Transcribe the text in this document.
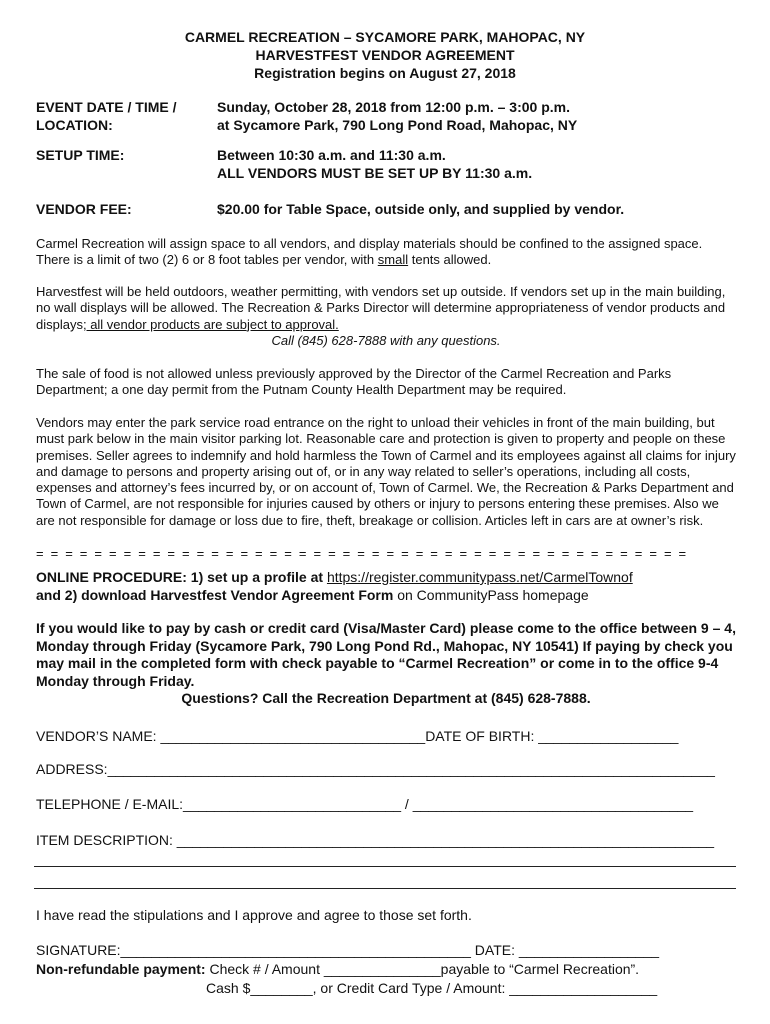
CARMEL RECREATION – SYCAMORE PARK, MAHOPAC, NY
HARVESTFEST VENDOR AGREEMENT
Registration begins on August 27, 2018
EVENT DATE / TIME /
LOCATION:
Sunday, October 28, 2018 from 12:00 p.m. – 3:00 p.m.
at Sycamore Park, 790 Long Pond Road, Mahopac, NY
SETUP TIME:	Between 10:30 a.m. and 11:30 a.m.
ALL VENDORS MUST BE SET UP BY 11:30 a.m.
VENDOR FEE:	$20.00 for Table Space, outside only, and supplied by vendor.
Carmel Recreation will assign space to all vendors, and display materials should be confined to the assigned space. There is a limit of two (2) 6 or 8 foot tables per vendor, with small tents allowed.
Harvestfest will be held outdoors, weather permitting, with vendors set up outside. If vendors set up in the main building, no wall displays will be allowed. The Recreation & Parks Director will determine appropriateness of vendor products and displays; all vendor products are subject to approval.
Call (845) 628-7888 with any questions.
The sale of food is not allowed unless previously approved by the Director of the Carmel Recreation and Parks Department; a one day permit from the Putnam County Health Department may be required.
Vendors may enter the park service road entrance on the right to unload their vehicles in front of the main building, but must park below in the main visitor parking lot. Reasonable care and protection is given to property and people on these premises. Seller agrees to indemnify and hold harmless the Town of Carmel and its employees against all claims for injury and damage to persons and property arising out of, or in any way related to seller’s operations, including all costs, expenses and attorney’s fees incurred by, or on account of, Town of Carmel. We, the Recreation & Parks Department and Town of Carmel, are not responsible for injuries caused by others or injury to persons entering these premises. Also we are not responsible for damage or loss due to fire, theft, breakage or collision. Articles left in cars are at owner’s risk.
= = = = = = = = = = = = = = = = = = = = = = = = = = = = = = = = = = = = = = = = = = = = =
ONLINE PROCEDURE: 1) set up a profile at https://register.communitypass.net/CarmelTownof
and 2) download Harvestfest Vendor Agreement Form on CommunityPass homepage
If you would like to pay by cash or credit card (Visa/Master Card) please come to the office between 9 – 4, Monday through Friday (Sycamore Park, 790 Long Pond Rd., Mahopac, NY 10541) If paying by check you may mail in the completed form with check payable to “Carmel Recreation” or come in to the office 9-4 Monday through Friday.
Questions? Call the Recreation Department at (845) 628-7888.
VENDOR’S NAME: __________________________________DATE OF BIRTH: __________________
ADDRESS:______________________________________________________________________________
TELEPHONE / E-MAIL:____________________________ / ____________________________________
ITEM DESCRIPTION: _____________________________________________________________________
I have read the stipulations and I approve and agree to those set forth.
SIGNATURE:_____________________________________________ DATE: __________________
Non-refundable payment: Check # / Amount _______________payable to “Carmel Recreation”.
Cash $________, or Credit Card Type / Amount: ___________________
